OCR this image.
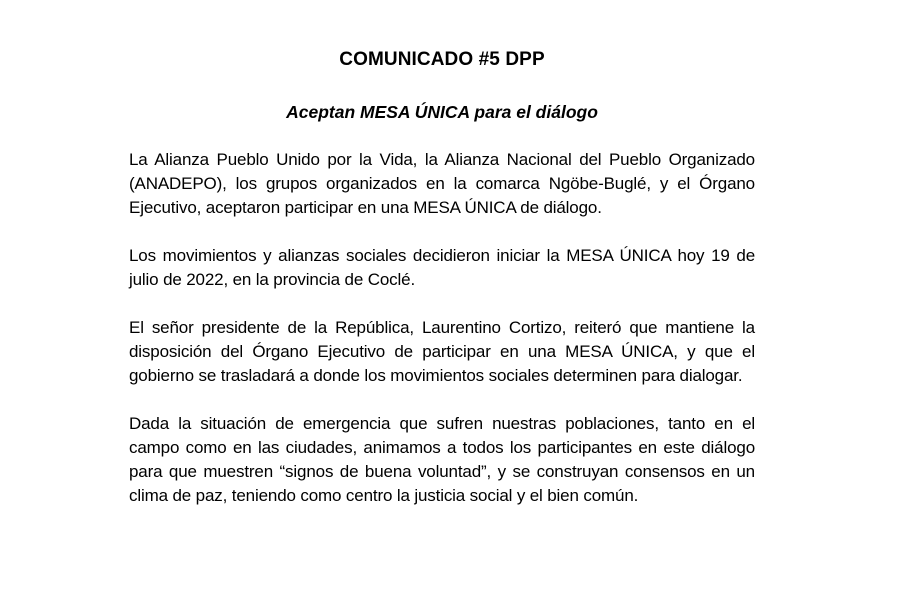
COMUNICADO #5 DPP
Aceptan MESA ÚNICA para el diálogo

La Alianza Pueblo Unido por la Vida, la Alianza Nacional del Pueblo Organizado (ANADEPO), los grupos organizados en la comarca Ngöbe-Buglé, y el Órgano Ejecutivo, aceptaron participar en una MESA ÚNICA de diálogo.

Los movimientos y alianzas sociales decidieron iniciar la MESA ÚNICA hoy 19 de julio de 2022, en la provincia de Coclé.

El señor presidente de la República, Laurentino Cortizo, reiteró que mantiene la disposición del Órgano Ejecutivo de participar en una MESA ÚNICA, y que el gobierno se trasladará a donde los movimientos sociales determinen para dialogar.

Dada la situación de emergencia que sufren nuestras poblaciones, tanto en el campo como en las ciudades, animamos a todos los participantes en este diálogo para que muestren “signos de buena voluntad”, y se construyan consensos en un clima de paz, teniendo como centro la justicia social y el bien común.
